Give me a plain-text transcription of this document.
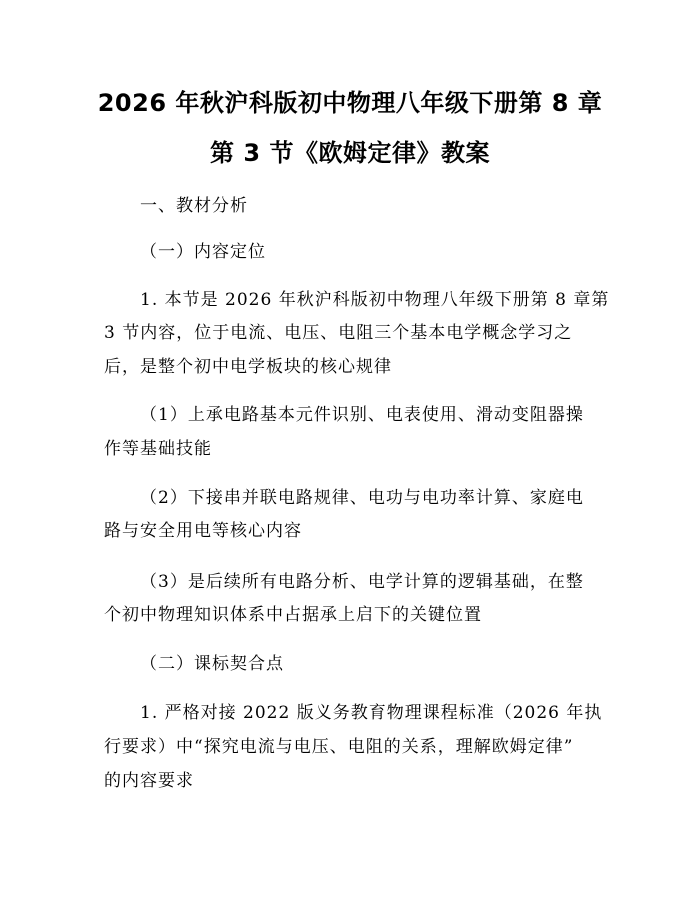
2026 年秋沪科版初中物理八年级下册第 8 章
第 3 节《欧姆定律》教案
一、教材分析
（一）内容定位
1. 本节是 2026 年秋沪科版初中物理八年级下册第 8 章第
3 节内容，位于电流、电压、电阻三个基本电学概念学习之
后，是整个初中电学板块的核心规律
（1）上承电路基本元件识别、电表使用、滑动变阻器操
作等基础技能
（2）下接串并联电路规律、电功与电功率计算、家庭电
路与安全用电等核心内容
（3）是后续所有电路分析、电学计算的逻辑基础，在整
个初中物理知识体系中占据承上启下的关键位置
（二）课标契合点
1. 严格对接 2022 版义务教育物理课程标准（2026 年执
行要求）中“探究电流与电压、电阻的关系，理解欧姆定律”
的内容要求
